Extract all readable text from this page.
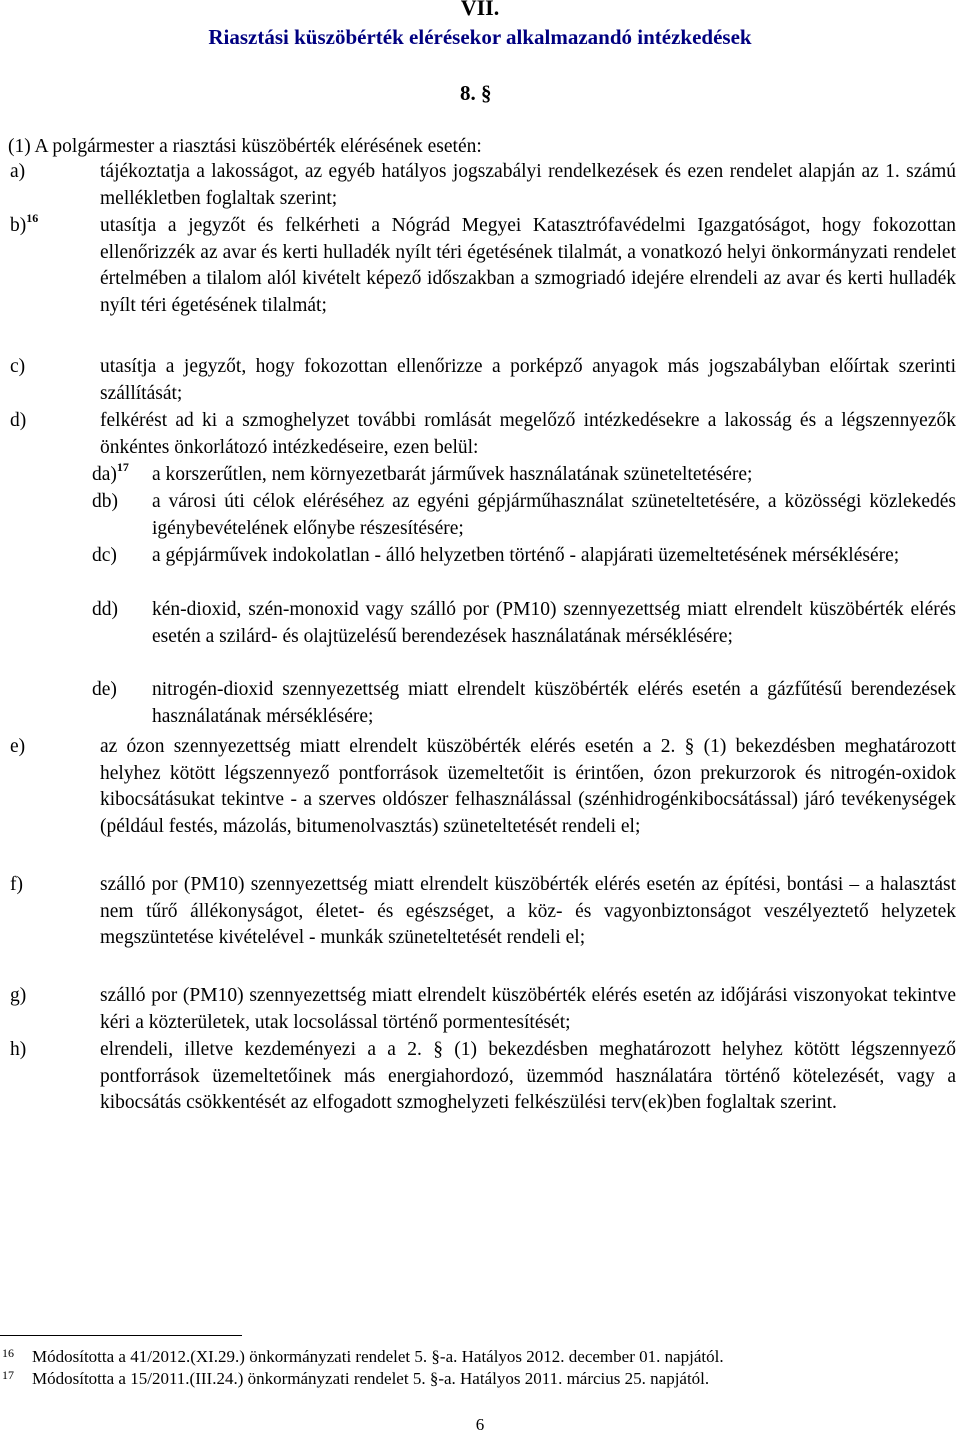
VII.
Riasztási küszöbérték elérésekor alkalmazandó intézkedések
8. §
(1) A polgármester a riasztási küszöbérték elérésének esetén:
a)	tájékoztatja a lakosságot, az egyéb hatályos jogszabályi rendelkezések és ezen rendelet alapján az 1. számú mellékletben foglaltak szerint;
b)$^{16}$	utasítja a jegyzőt és felkérheti a Nógrád Megyei Katasztrófavédelmi Igazgatóságot, hogy fokozottan ellenőrizzék az avar és kerti hulladék nyílt téri égetésének tilalmát, a vonatkozó helyi önkormányzati rendelet értelmében a tilalom alól kivételt képező időszakban a szmogriadó idejére elrendeli az avar és kerti hulladék nyílt téri égetésének tilalmát;
c)	utasítja a jegyzőt, hogy fokozottan ellenőrizze a porképző anyagok más jogszabályban előírtak szerinti szállítását;
d)	felkérést ad ki a szmoghelyzet további romlását megelőző intézkedésekre a lakosság és a légszennyezők önkéntes önkorlátozó intézkedéseire, ezen belül:
da)$^{17}$ a korszerűtlen, nem környezetbarát járművek használatának szüneteltetésére;
db) a városi úti célok eléréséhez az egyéni gépjárműhasználat szüneteltetésére, a közösségi közlekedés igénybevételének előnybe részesítésére;
dc) a gépjárművek indokolatlan - álló helyzetben történő - alapjárati üzemeltetésének mérséklésére;
dd) kén-dioxid, szén-monoxid vagy szálló por (PM10) szennyezettség miatt elrendelt küszöbérték elérés esetén a szilárd- és olajtüzelésű berendezések használatának mérséklésére;
de) nitrogén-dioxid szennyezettség miatt elrendelt küszöbérték elérés esetén a gázfűtésű berendezések használatának mérséklésére;
e)	az ózon szennyezettség miatt elrendelt küszöbérték elérés esetén a 2. § (1) bekezdésben meghatározott helyhez kötött légszennyező pontforrások üzemeltetőit is érintően, ózon prekurzorok és nitrogén-oxidok kibocsátásukat tekintve - a szerves oldószer felhasználással (szénhidrogénkibocsátással) járó tevékenységek (például festés, mázolás, bitumenolvasztás) szüneteltetését rendeli el;
f)	szálló por (PM10) szennyezettség miatt elrendelt küszöbérték elérés esetén az építési, bontási – a halasztást nem tűrő állékonyságot, életet- és egészséget, a köz- és vagyonbiztonságot veszélyeztető helyzetek megszüntetése kivételével - munkák szüneteltetését rendeli el;
g)	szálló por (PM10) szennyezettség miatt elrendelt küszöbérték elérés esetén az időjárási viszonyokat tekintve kéri a közterületek, utak locsolással történő pormentesítését;
h)	elrendeli, illetve kezdeményezi a a 2. § (1) bekezdésben meghatározott helyhez kötött légszennyező pontforrások üzemeltetőinek más energiahordozó, üzemmód használatára történő kötelezését, vagy a kibocsátás csökkentését az elfogadott szmoghelyzeti felkészülési terv(ek)ben foglaltak szerint.
16 Módosította a 41/2012.(XI.29.) önkormányzati rendelet 5. §-a. Hatályos 2012. december 01. napjától.
17 Módosította a 15/2011.(III.24.) önkormányzati rendelet 5. §-a. Hatályos 2011. március 25. napjától.
6
